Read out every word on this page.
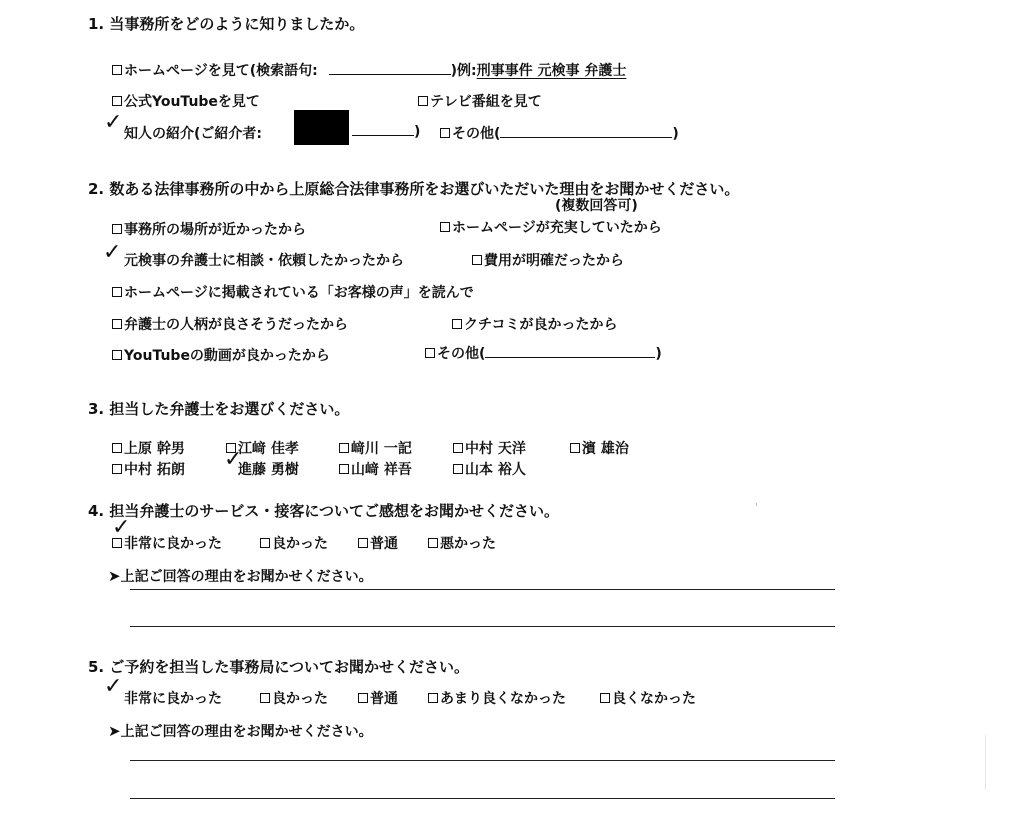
1. 当事務所をどのように知りましたか。
ホームページを見て(検索語句:	)例:刑事事件 元検事 弁護士
公式YouTubeを見て	テレビ番組を見て
✓ 知人の紹介(ご紹介者:	)	その他(	)
2. 数ある法律事務所の中から上原総合法律事務所をお選びいただいた理由をお聞かせください。
(複数回答可)
事務所の場所が近かったから	ホームページが充実していたから
✓ 元検事の弁護士に相談・依頼したかったから	費用が明確だったから
ホームページに掲載されている「お客様の声」を読んで
弁護士の人柄が良さそうだったから	クチコミが良かったから
YouTubeの動画が良かったから	その他(	)
3. 担当した弁護士をお選びください。
上原 幹男	江﨑 佳孝	﨑川 一記	中村 天洋	濱 雄治
中村 拓朗 ✓
進藤 勇樹	山﨑 祥吾	山本 裕人
4. 担当弁護士のサービス・接客についてご感想をお聞かせください。
✓
非常に良かった	良かった	普通	悪かった
➤上記ご回答の理由をお聞かせください。
5. ご予約を担当した事務局についてお聞かせください。
✓ 非常に良かった	良かった	普通	あまり良くなかった	良くなかった
➤上記ご回答の理由をお聞かせください。
